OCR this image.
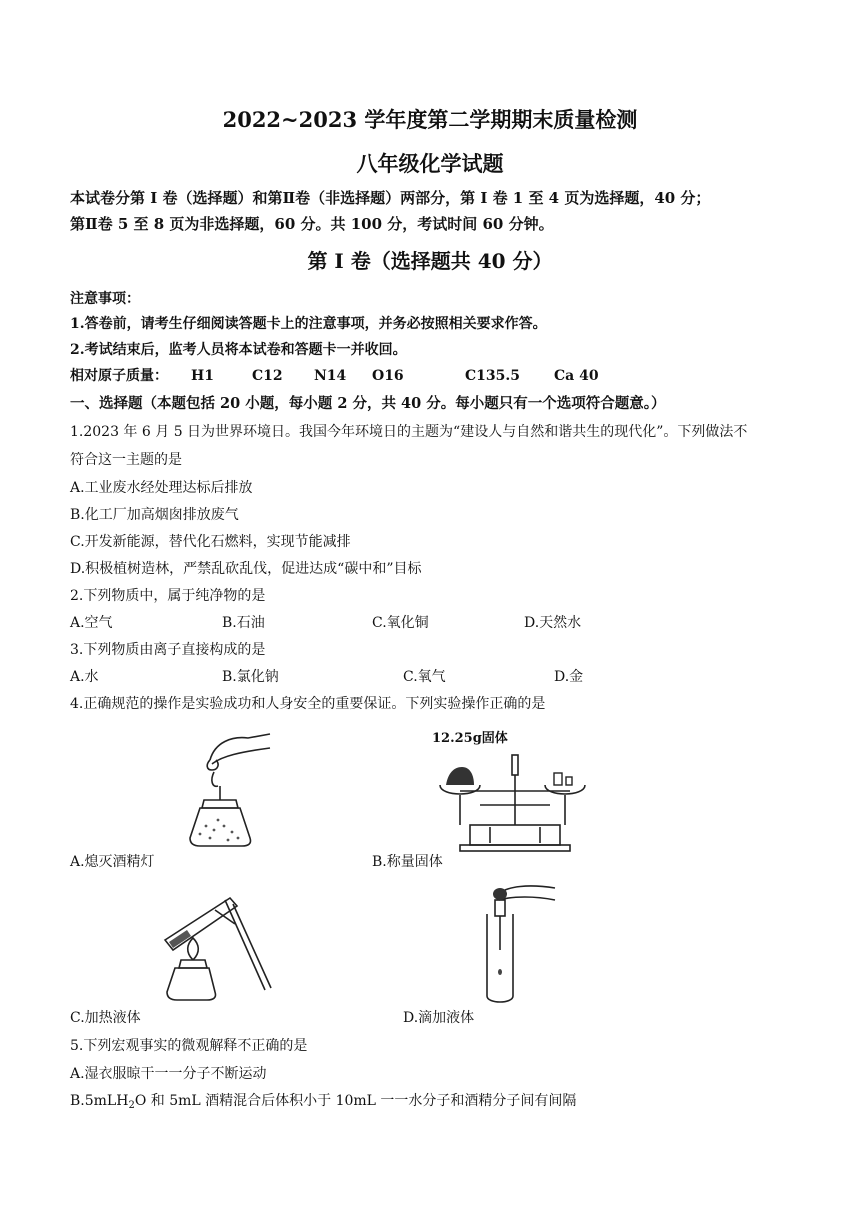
2022~2023 学年度第二学期期末质量检测
八年级化学试题
本试卷分第 I 卷（选择题）和第Ⅱ卷（非选择题）两部分，第 I 卷 1 至 4 页为选择题，40 分；
第Ⅱ卷 5 至 8 页为非选择题，60 分。共 100 分，考试时间 60 分钟。
第 I 卷（选择题共 40 分）
注意事项：
1.答卷前，请考生仔细阅读答题卡上的注意事项，并务必按照相关要求作答。
2.考试结束后，监考人员将本试卷和答题卡一并收回。
相对原子质量： H1	C12 N14 O16	C135.5 Ca 40
一、选择题（本题包括 20 小题，每小题 2 分，共 40 分。每小题只有一个选项符合题意。）
1.2023 年 6 月 5 日为世界环境日。我国今年环境日的主题为“建设人与自然和谐共生的现代化”。下列做法不
符合这一主题的是
A.工业废水经处理达标后排放
B.化工厂加高烟囱排放废气
C.开发新能源，替代化石燃料，实现节能减排
D.积极植树造林，严禁乱砍乱伐，促进达成“碳中和”目标
2.下列物质中，属于纯净物的是
A.空气	B.石油	C.氧化铜	D.天然水
3.下列物质由离子直接构成的是
A.水	B.氯化钠	C.氧气	D.金
4.正确规范的操作是实验成功和人身安全的重要保证。下列实验操作正确的是
12.25g固体
A.熄灭酒精灯	B.称量固体
C.加热液体	D.滴加液体
5.下列宏观事实的微观解释不正确的是
A.湿衣服晾干一一分子不断运动
B.5mLH$_2$O 和 5mL 酒精混合后体积小于 10mL 一一水分子和酒精分子间有间隔
